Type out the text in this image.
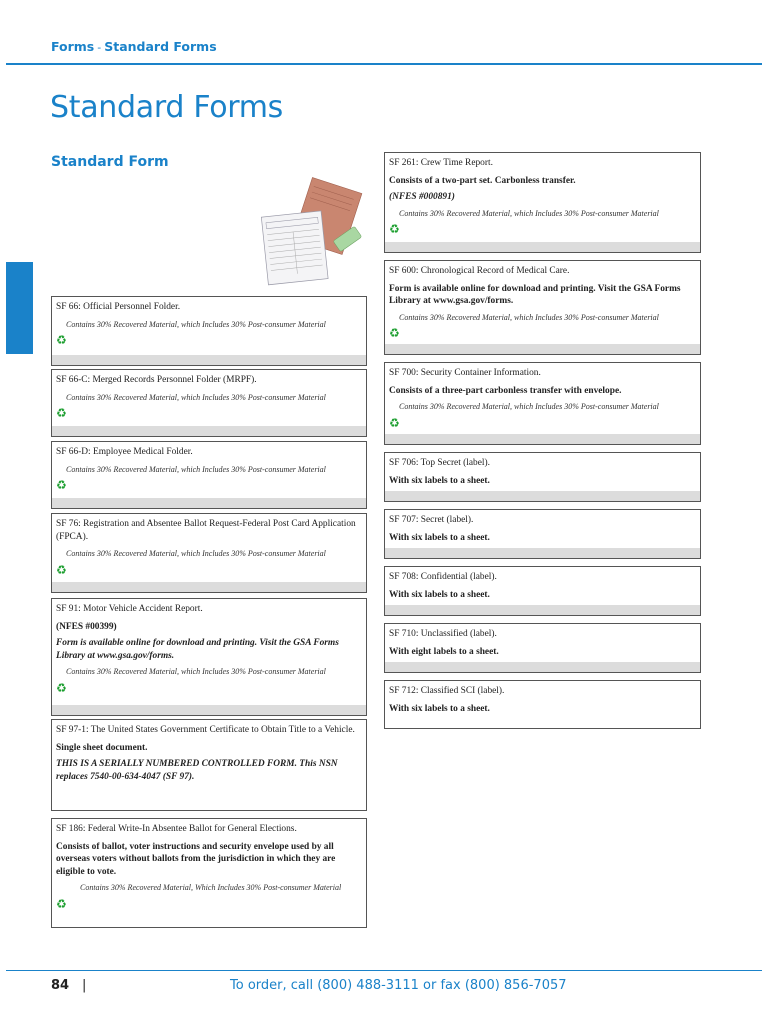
Forms - Standard Forms
Standard Forms
Standard Form

SF 66: Official Personnel Folder.

Contains 30% Recovered Material, which Includes 30% Post-consumer Material

♻

SF 66-C: Merged Records Personnel Folder (MRPF).

Contains 30% Recovered Material, which Includes 30% Post-consumer Material

♻

SF 66-D: Employee Medical Folder.

Contains 30% Recovered Material, which Includes 30% Post-consumer Material

♻

SF 76: Registration and Absentee Ballot Request-Federal Post Card Application (FPCA).

Contains 30% Recovered Material, which Includes 30% Post-consumer Material

♻

SF 91: Motor Vehicle Accident Report.

(NFES #00399)

Form is available online for download and printing. Visit the GSA Forms Library at www.gsa.gov/forms.

Contains 30% Recovered Material, which Includes 30% Post-consumer Material

♻

SF 97-1: The United States Government Certificate to Obtain Title to a Vehicle.

Single sheet document.

THIS IS A SERIALLY NUMBERED CONTROLLED FORM. This NSN replaces 7540-00-634-4047 (SF 97).

SF 186: Federal Write-In Absentee Ballot for General Elections.

Consists of ballot, voter instructions and security envelope used by all overseas voters without ballots from the jurisdiction in which they are eligible to vote.

Contains 30% Recovered Material, Which Includes 30% Post-consumer Material

♻

SF 261: Crew Time Report.

Consists of a two-part set. Carbonless transfer.

(NFES #000891)

Contains 30% Recovered Material, which Includes 30% Post-consumer Material

♻

SF 600: Chronological Record of Medical Care.

Form is available online for download and printing. Visit the GSA Forms Library at www.gsa.gov/forms.

Contains 30% Recovered Material, which Includes 30% Post-consumer Material

♻

SF 700: Security Container Information.

Consists of a three-part carbonless transfer with envelope.

Contains 30% Recovered Material, which Includes 30% Post-consumer Material

♻

SF 706: Top Secret (label).

With six labels to a sheet.

SF 707: Secret (label).

With six labels to a sheet.

SF 708: Confidential (label).

With six labels to a sheet.

SF 710: Unclassified (label).

With eight labels to a sheet.

SF 712: Classified SCI (label).

With six labels to a sheet.

84 |	To order, call (800) 488-3111 or fax (800) 856-7057
